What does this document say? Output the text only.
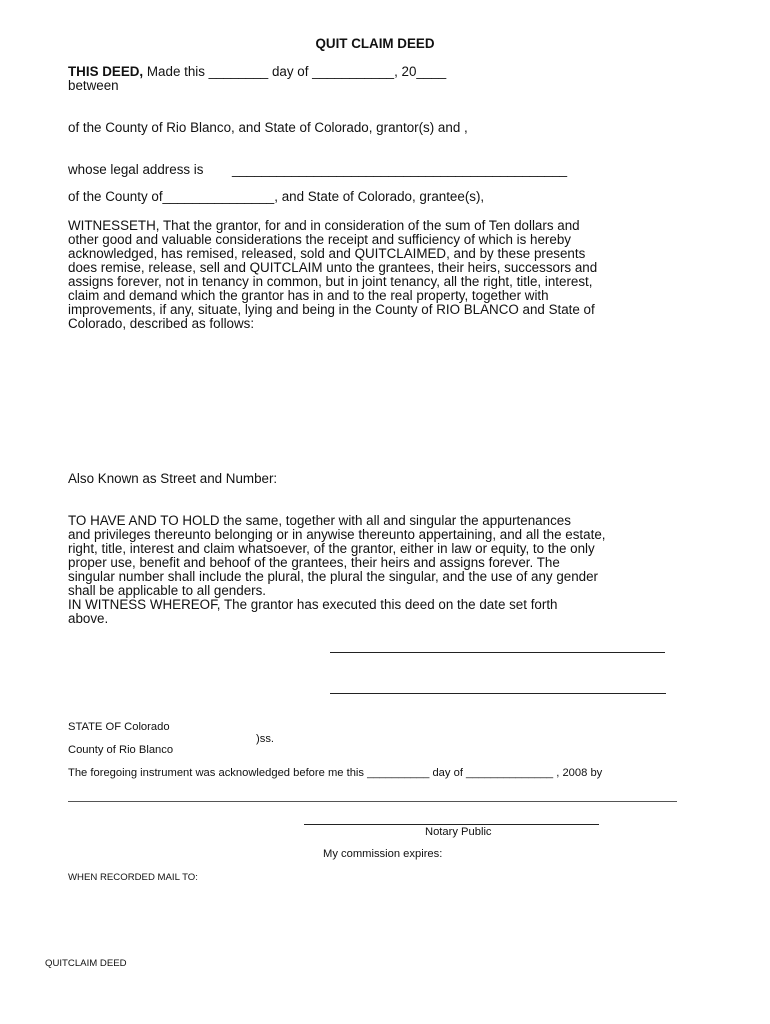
QUIT CLAIM DEED
THIS DEED, Made this ________ day of ___________, 20____
between
of the County of Rio Blanco, and State of Colorado, grantor(s) and ,
whose legal address is _____________________________________________
of the County of_______________, and State of Colorado, grantee(s),
WITNESSETH, That the grantor, for and in consideration of the sum of Ten dollars and
other good and valuable considerations the receipt and sufficiency of which is hereby
acknowledged, has remised, released, sold and QUITCLAIMED, and by these presents
does remise, release, sell and QUITCLAIM unto the grantees, their heirs, successors and
assigns forever, not in tenancy in common, but in joint tenancy, all the right, title, interest,
claim and demand which the grantor has in and to the real property, together with
improvements, if any, situate, lying and being in the County of RIO BLANCO and State of
Colorado, described as follows:
Also Known as Street and Number:
TO HAVE AND TO HOLD the same, together with all and singular the appurtenances
and privileges thereunto belonging or in anywise thereunto appertaining, and all the estate,
right, title, interest and claim whatsoever, of the grantor, either in law or equity, to the only
proper use, benefit and behoof of the grantees, their heirs and assigns forever. The
singular number shall include the plural, the plural the singular, and the use of any gender
shall be applicable to all genders.
IN WITNESS WHEREOF, The grantor has executed this deed on the date set forth
above.
STATE OF Colorado
)ss.
County of Rio Blanco
The foregoing instrument was acknowledged before me this __________ day of ______________ , 2008 by
Notary Public
My commission expires:
WHEN RECORDED MAIL TO:
QUITCLAIM DEED
